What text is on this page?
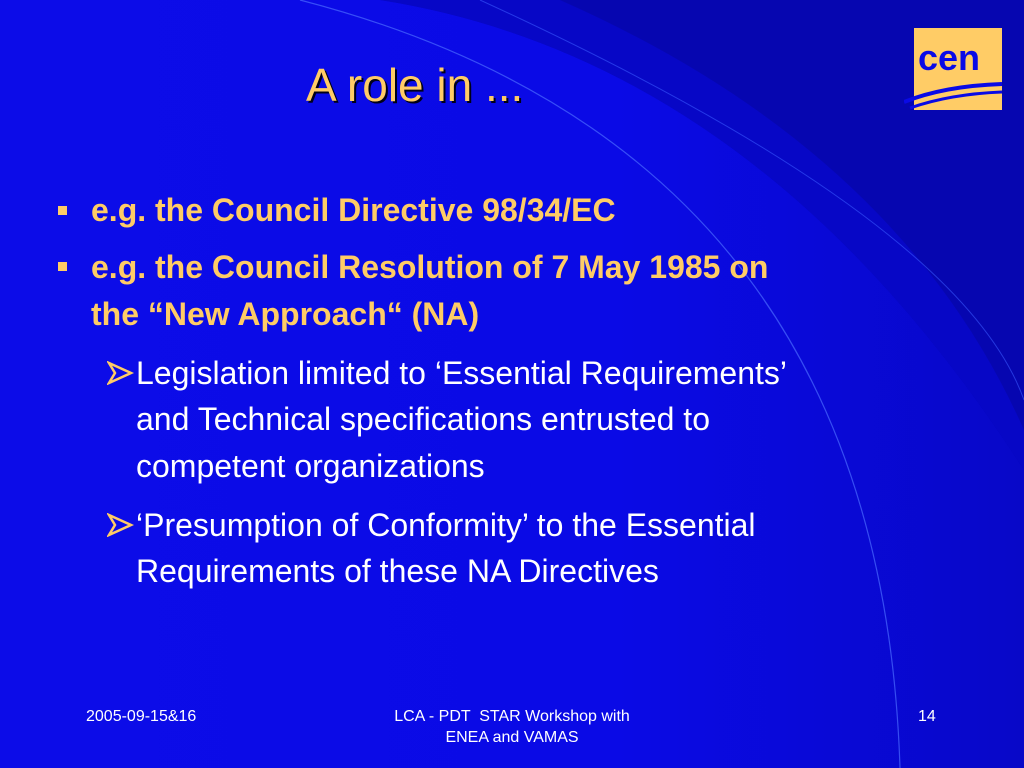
cen
A role in ...
e.g. the Council Directive 98/34/EC
e.g. the Council Resolution of 7 May 1985 on
the “New Approach“ (NA)
Legislation limited to ‘Essential Requirements’
and Technical specifications entrusted to
competent organizations
‘Presumption of Conformity’ to the Essential
Requirements of these NA Directives
2005-09-15&16	LCA - PDT  STAR Workshop with
ENEA and VAMAS
14
